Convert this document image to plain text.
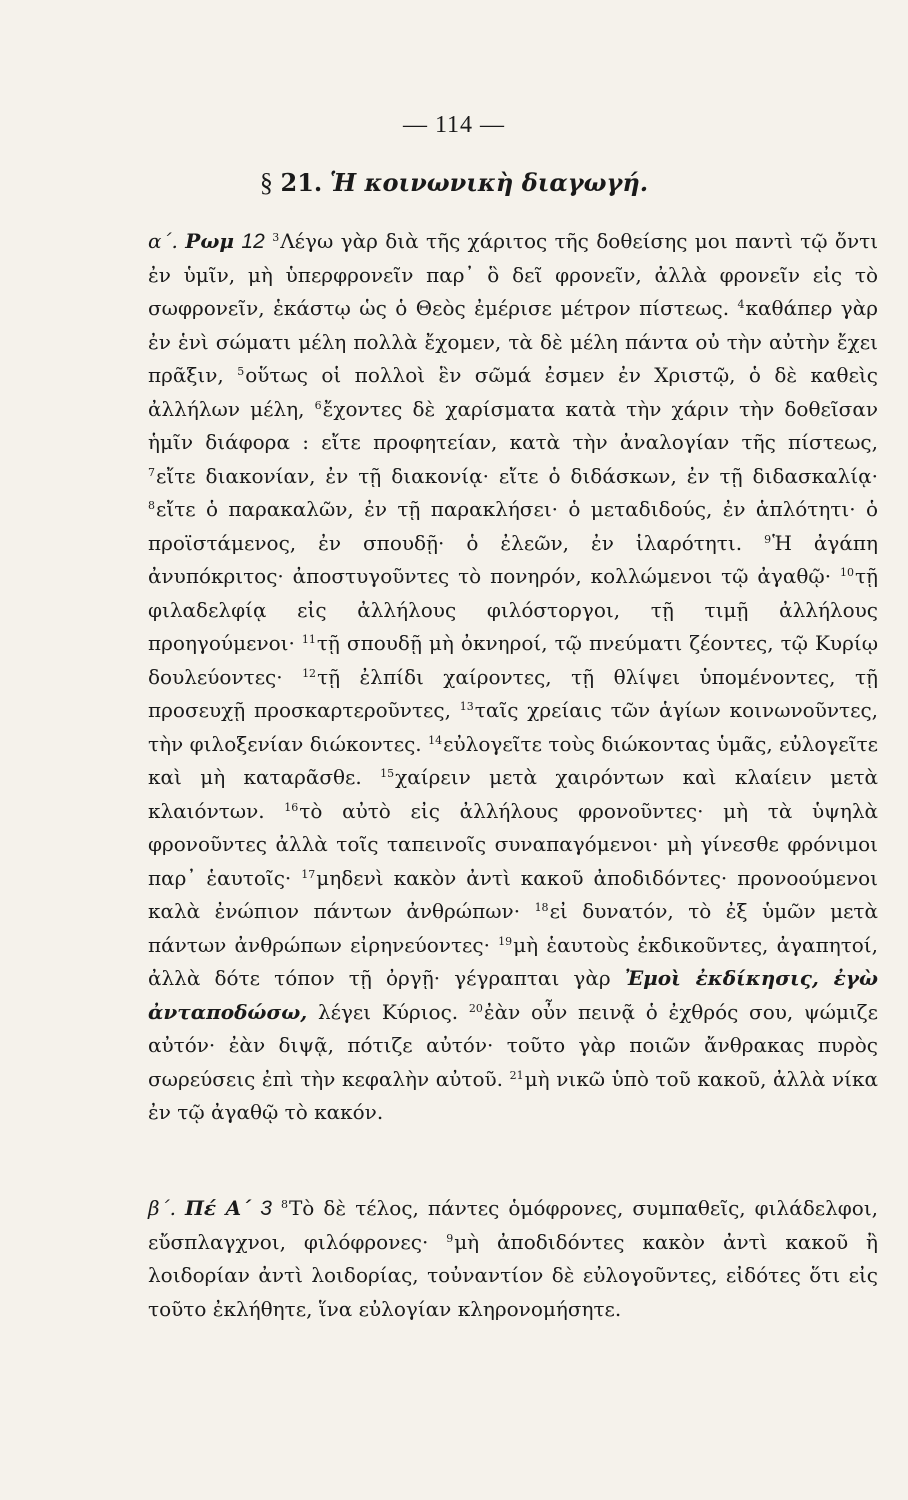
— 114 —
§ 21. Ἡ κοινωνικὴ διαγωγή.
α΄. Ρωμ 12 $^3$Λέγω γὰρ διὰ τῆς χάριτος τῆς δοθείσης μοι παντὶ τῷ ὄντι ἐν ὑμῖν, μὴ ὑπερφρονεῖν παρ᾽ ὃ δεῖ φρονεῖν, ἀλλὰ φρονεῖν εἰς τὸ σωφρονεῖν, ἑκάστῳ ὡς ὁ Θεὸς ἐμέρισε μέτρον πίστεως. $^4$καθάπερ γὰρ ἐν ἑνὶ σώματι μέλη πολλὰ ἔχομεν, τὰ δὲ μέλη πάντα οὐ τὴν αὐτὴν ἔχει πρᾶξιν, $^5$οὕτως οἱ πολλοὶ ἓν σῶμά ἐσμεν ἐν Χριστῷ, ὁ δὲ καθεὶς ἀλλήλων μέλη, $^6$ἔχοντες δὲ χαρίσματα κατὰ τὴν χάριν τὴν δοθεῖσαν ἡμῖν διάφορα : εἴτε προφητείαν, κατὰ τὴν ἀναλογίαν τῆς πίστεως, $^7$εἴτε διακονίαν, ἐν τῇ διακονίᾳ· εἴτε ὁ διδάσκων, ἐν τῇ διδασκαλίᾳ· $^8$εἴτε ὁ παρακαλῶν, ἐν τῇ παρακλήσει· ὁ μεταδιδούς, ἐν ἁπλότητι· ὁ προϊστάμενος, ἐν σπουδῇ· ὁ ἐλεῶν, ἐν ἱλαρότητι. $^9$Ἡ ἀγάπη ἀνυπόκριτος· ἀποστυγοῦντες τὸ πονηρόν, κολλώμενοι τῷ ἀγαθῷ· $^{10}$τῇ φιλαδελφίᾳ εἰς ἀλλήλους φιλόστοργοι, τῇ τιμῇ ἀλλήλους προηγούμενοι· $^{11}$τῇ σπουδῇ μὴ ὀκνηροί, τῷ πνεύματι ζέοντες, τῷ Κυρίῳ δουλεύοντες· $^{12}$τῇ ἐλπίδι χαίροντες, τῇ θλίψει ὑπομένοντες, τῇ προσευχῇ προσκαρτεροῦντες, $^{13}$ταῖς χρείαις τῶν ἁγίων κοινωνοῦντες, τὴν φιλοξενίαν διώκοντες. $^{14}$εὐλογεῖτε τοὺς διώκοντας ὑμᾶς, εὐλογεῖτε καὶ μὴ καταρᾶσθε. $^{15}$χαίρειν μετὰ χαιρόντων καὶ κλαίειν μετὰ κλαιόντων. $^{16}$τὸ αὐτὸ εἰς ἀλλήλους φρονοῦντες· μὴ τὰ ὑψηλὰ φρονοῦντες ἀλλὰ τοῖς ταπεινοῖς συναπαγόμενοι· μὴ γίνεσθε φρόνιμοι παρ᾽ ἑαυτοῖς· $^{17}$μηδενὶ κακὸν ἀντὶ κακοῦ ἀποδιδόντες· προνοούμενοι καλὰ ἐνώπιον πάντων ἀνθρώπων· $^{18}$εἰ δυνατόν, τὸ ἐξ ὑμῶν μετὰ πάντων ἀνθρώπων εἰρηνεύοντες· $^{19}$μὴ ἑαυτοὺς ἐκδικοῦντες, ἀγαπητοί, ἀλλὰ δότε τόπον τῇ ὀργῇ· γέγραπται γὰρ Ἐμοὶ ἐκδίκησις, ἐγὼ ἀνταποδώσω, λέγει Κύριος. $^{20}$ἐὰν οὖν πεινᾷ ὁ ἐχθρός σου, ψώμιζε αὐτόν· ἐὰν διψᾷ, πότιζε αὐτόν· τοῦτο γὰρ ποιῶν ἄνθρακας πυρὸς σωρεύσεις ἐπὶ τὴν κεφαλὴν αὐτοῦ. $^{21}$μὴ νικῶ ὑπὸ τοῦ κακοῦ, ἀλλὰ νίκα ἐν τῷ ἀγαθῷ τὸ κακόν.
β΄. Πέ Α΄ 3 $^8$Τὸ δὲ τέλος, πάντες ὁμόφρονες, συμπαθεῖς, φιλάδελφοι, εὔσπλαγχνοι, φιλόφρονες· $^9$μὴ ἀποδιδόντες κακὸν ἀντὶ κακοῦ ἢ λοιδορίαν ἀντὶ λοιδορίας, τοὐναντίον δὲ εὐλογοῦντες, εἰδότες ὅτι εἰς τοῦτο ἐκλήθητε, ἵνα εὐλογίαν κληρονομήσητε.
